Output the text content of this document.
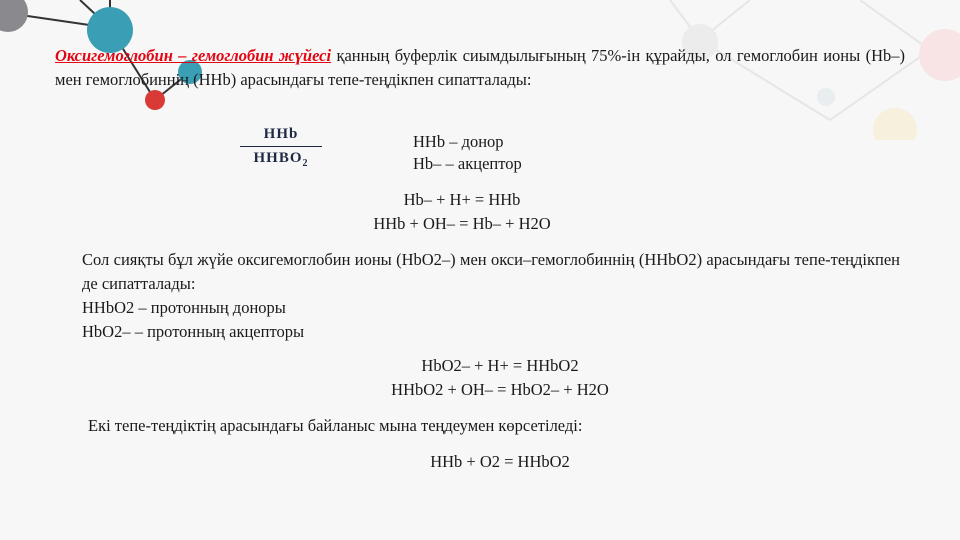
Оксигемоглобин – гемоглобин жүйесі қанның буферлік сиымдылығының 75%-ін құрайды, ол гемоглобин ионы (Hb–) мен гемоглобиннің (HHb) арасындағы тепе-теңдікпен сипатталады:
HHb
$HHBO_2$
HHb – донор
Hb– – акцептор
Hb– + H+ = HHb
HHb + OH– = Hb– + H2O
Сол сияқты бұл жүйе оксигемоглобин ионы (HbO2–) мен окси–гемоглобиннің (HHbO2) арасындағы тепе-теңдікпен де сипатталады:
HHbO2 – протонның доноры
HbO2– – протонның акцепторы
HbO2– + H+ = HHbO2
HHbO2 + OH– = HbO2– + H2O
Екі тепе-теңдіктің арасындағы байланыс мына теңдеумен көрсетіледі:
HHb + O2 = HHbO2
